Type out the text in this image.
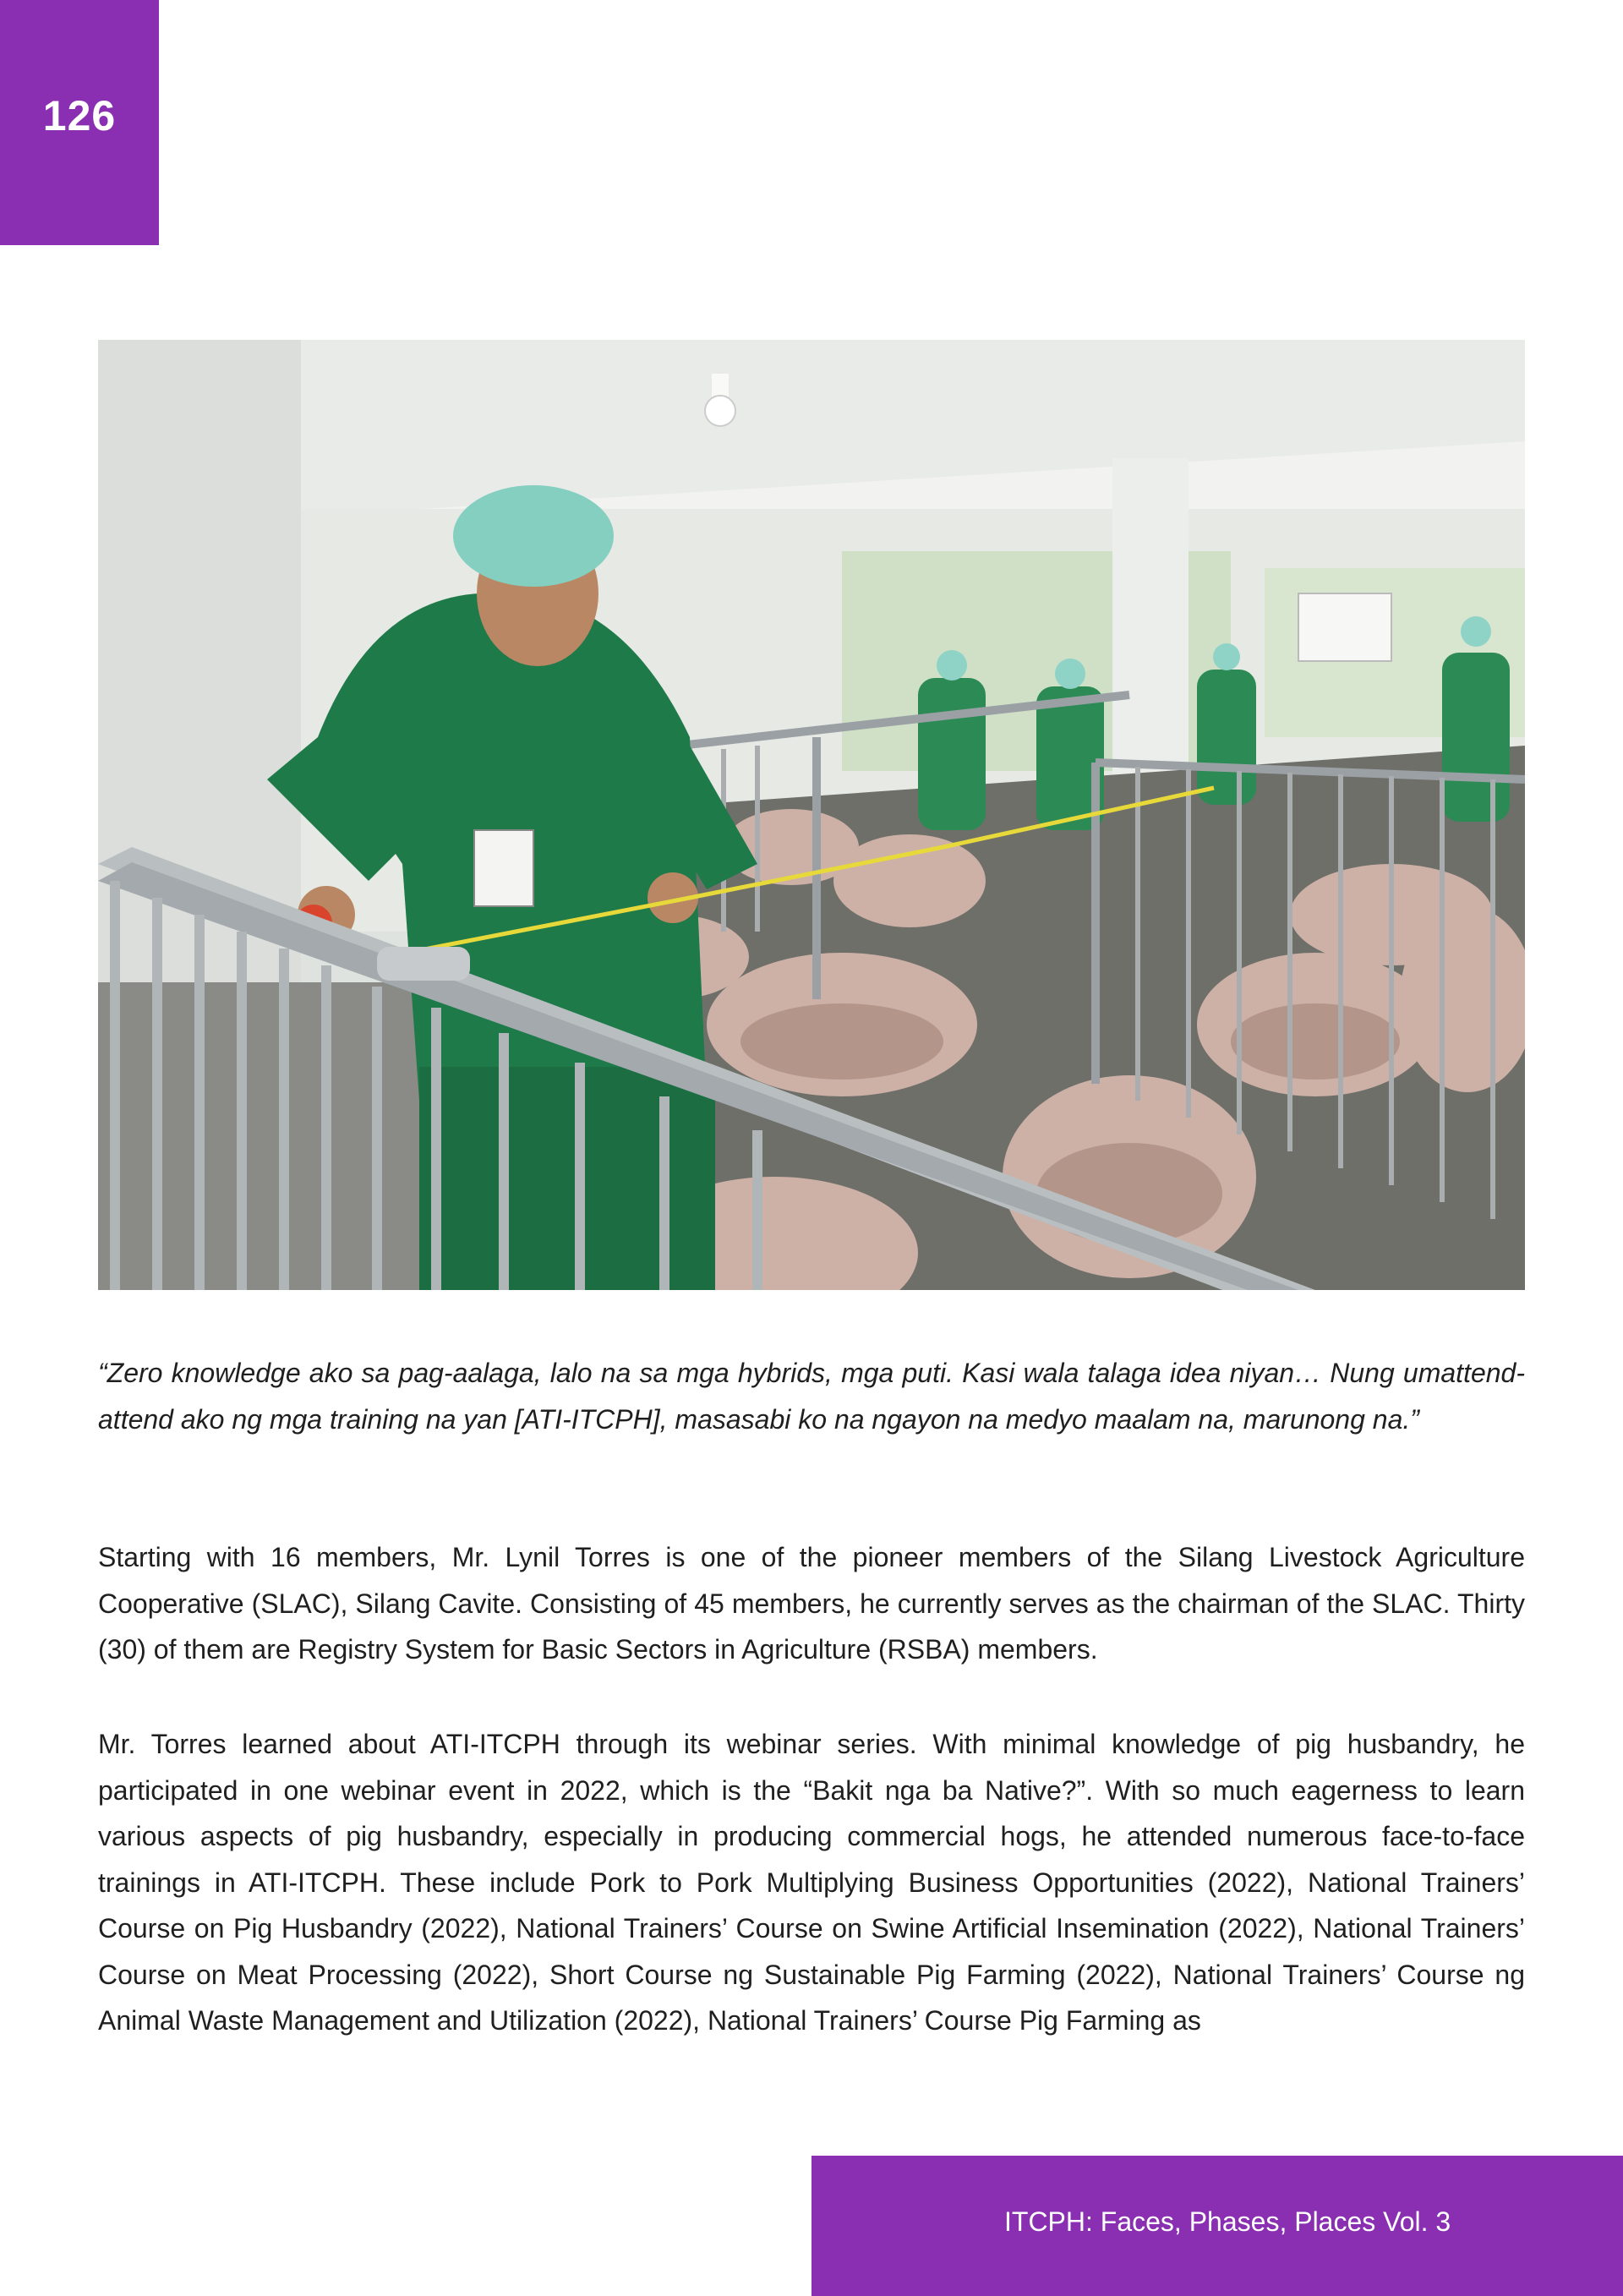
126
“Zero knowledge ako sa pag-aalaga, lalo na sa mga hybrids, mga puti. Kasi wala talaga idea niyan… Nung umattend-attend ako ng mga training na yan [ATI-ITCPH], masasabi ko na ngayon na medyo maalam na, marunong na.”
Starting with 16 members, Mr. Lynil Torres is one of the pioneer members of the Silang Livestock Agriculture Cooperative (SLAC), Silang Cavite. Consisting of 45 members, he currently serves as the chairman of the SLAC. Thirty (30) of them are Registry System for Basic Sectors in Agriculture (RSBA) members.
Mr. Torres learned about ATI-ITCPH through its webinar series. With minimal knowledge of pig husbandry, he participated in one webinar event in 2022, which is the “Bakit nga ba Native?”. With so much eagerness to learn various aspects of pig husbandry, especially in producing commercial hogs, he attended numerous face-to-face trainings in ATI-ITCPH. These include Pork to Pork Multiplying Business Opportunities (2022), National Trainers’ Course on Pig Husbandry (2022), National Trainers’ Course on Swine Artificial Insemination (2022), National Trainers’ Course on Meat Processing (2022), Short Course ng Sustainable Pig Farming (2022), National Trainers’ Course ng Animal Waste Management and Utilization (2022), National Trainers’ Course Pig Farming as
ITCPH: Faces, Phases, Places Vol. 3
